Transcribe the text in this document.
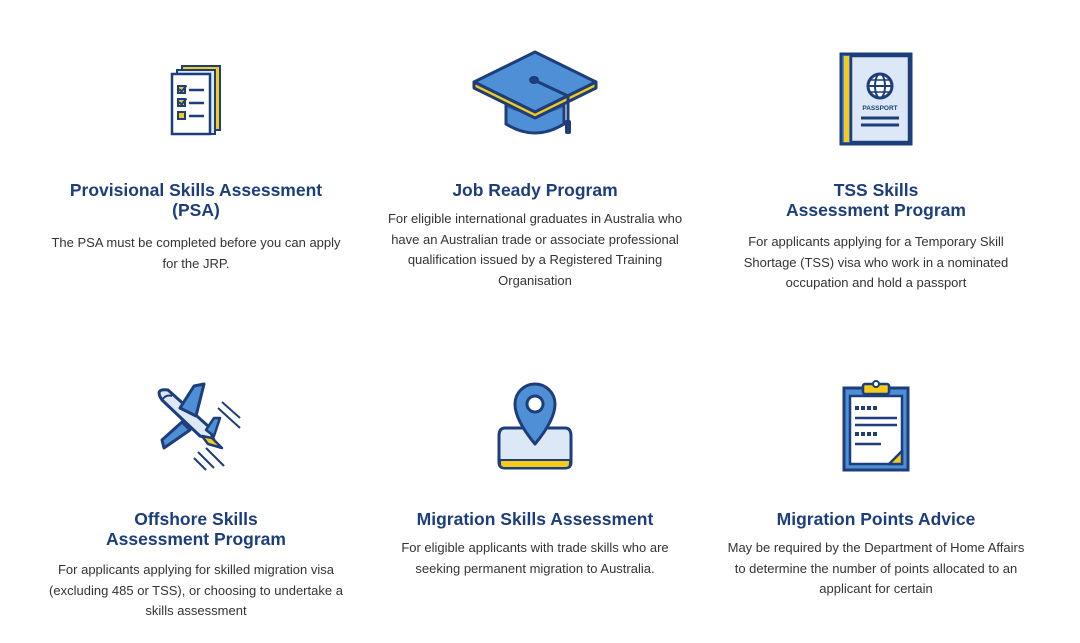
Provisional Skills Assessment
(PSA)
The PSA must be completed before you can apply
for the JRP.
Job Ready Program
For eligible international graduates in Australia who
have an Australian trade or associate professional
qualification issued by a Registered Training
Organisation
PASSPORT
TSS Skills
Assessment Program
For applicants applying for a Temporary Skill
Shortage (TSS) visa who work in a nominated
occupation and hold a passport
Offshore Skills
Assessment Program
For applicants applying for skilled migration visa
(excluding 485 or TSS), or choosing to undertake a
skills assessment
Migration Skills Assessment
For eligible applicants with trade skills who are
seeking permanent migration to Australia.
Migration Points Advice
May be required by the Department of Home Affairs
to determine the number of points allocated to an
applicant for certain
